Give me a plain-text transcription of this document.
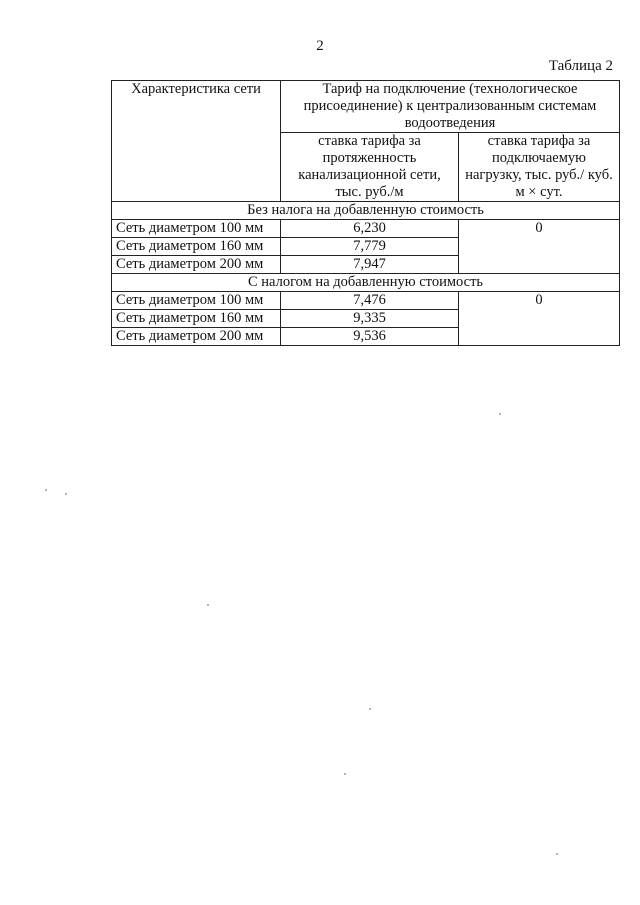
2
Таблица 2
Характеристика сети	Тариф на подключение (технологическое присоединение) к централизованным системам водоотведения	
	ставка тарифа за протяженность канализационной сети, тыс. руб./м	ставка тарифа за подключаемую нагрузку, тыс. руб./ куб. м × сут.
Без налога на добавленную стоимость		
Сеть диаметром 100 мм	6,230	0
Сеть диаметром 160 мм	7,779	
Сеть диаметром 200 мм	7,947	
С налогом на добавленную стоимость		
Сеть диаметром 100 мм	7,476	0
Сеть диаметром 160 мм	9,335	
Сеть диаметром 200 мм	9,536	
